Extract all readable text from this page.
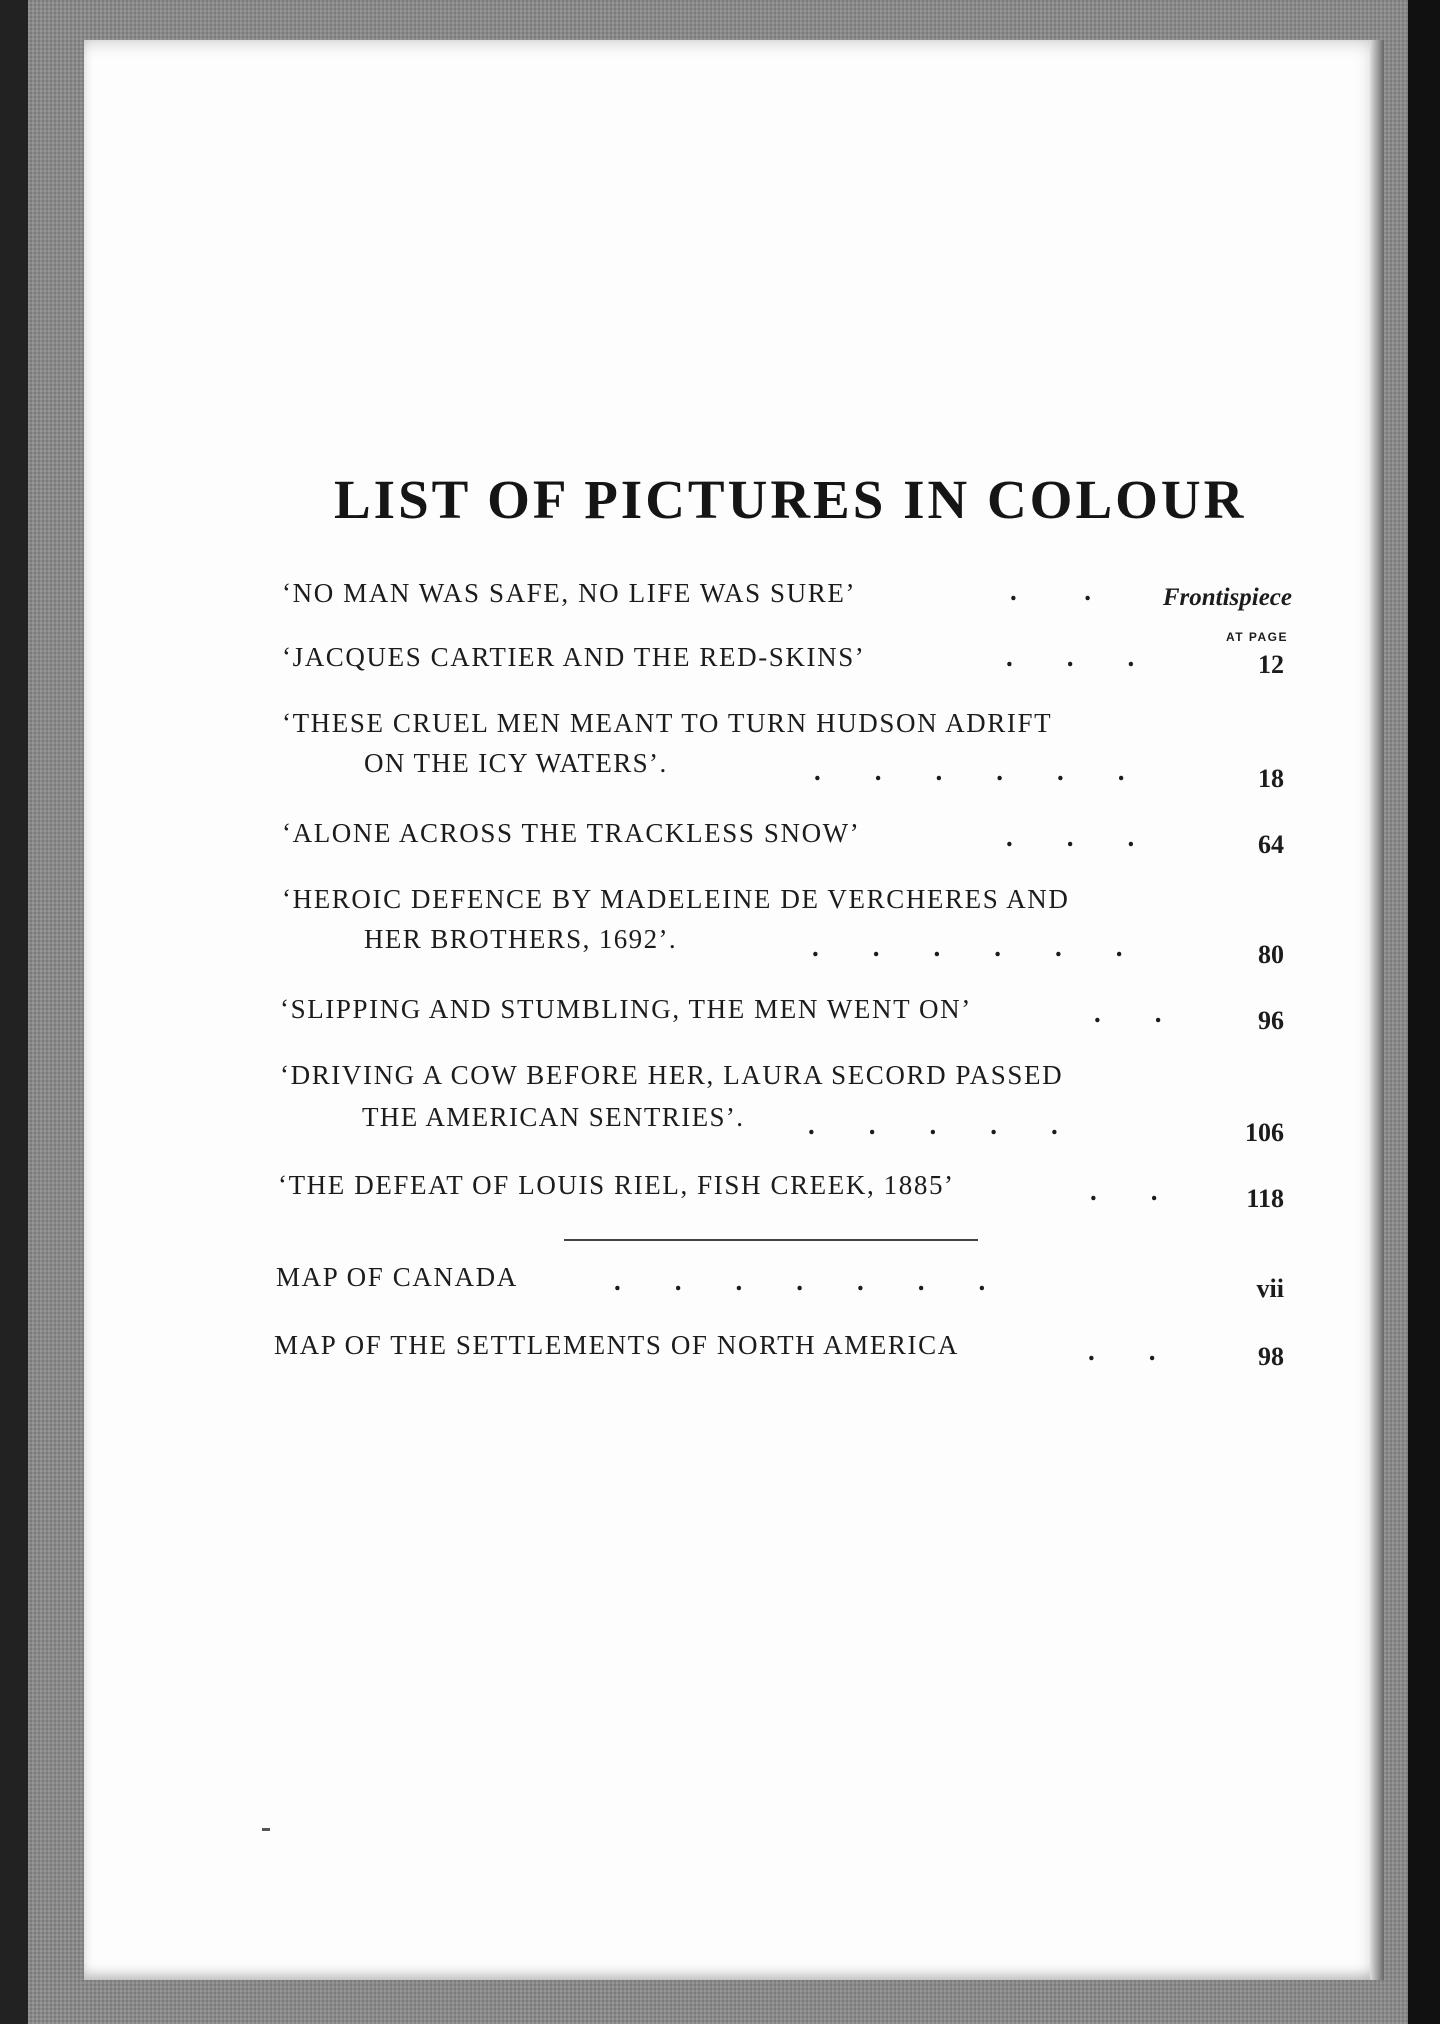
LIST OF PICTURES IN COLOUR
‘NO MAN WAS SAFE, NO LIFE WAS SURE’	.          .	Frontispiece
AT PAGE
‘JACQUES CARTIER AND THE RED-SKINS’	.        .        .	12
‘THESE CRUEL MEN MEANT TO TURN HUDSON ADRIFT
ON THE ICY WATERS’.	.        .        .        .        .        .	18
‘ALONE ACROSS THE TRACKLESS SNOW’	.        .        .	64
‘HEROIC DEFENCE BY MADELEINE DE VERCHERES AND
HER BROTHERS, 1692’.	.        .        .        .        .        .	80
‘SLIPPING AND STUMBLING, THE MEN WENT ON’	.        .	96
‘DRIVING A COW BEFORE HER, LAURA SECORD PASSED
THE AMERICAN SENTRIES’. .        .        .        .        .	106
‘THE DEFEAT OF LOUIS RIEL, FISH CREEK, 1885’	.        .	118
MAP OF CANADA	.        .        .        .        .        .        .	vii
MAP OF THE SETTLEMENTS OF NORTH AMERICA	.        .	98
